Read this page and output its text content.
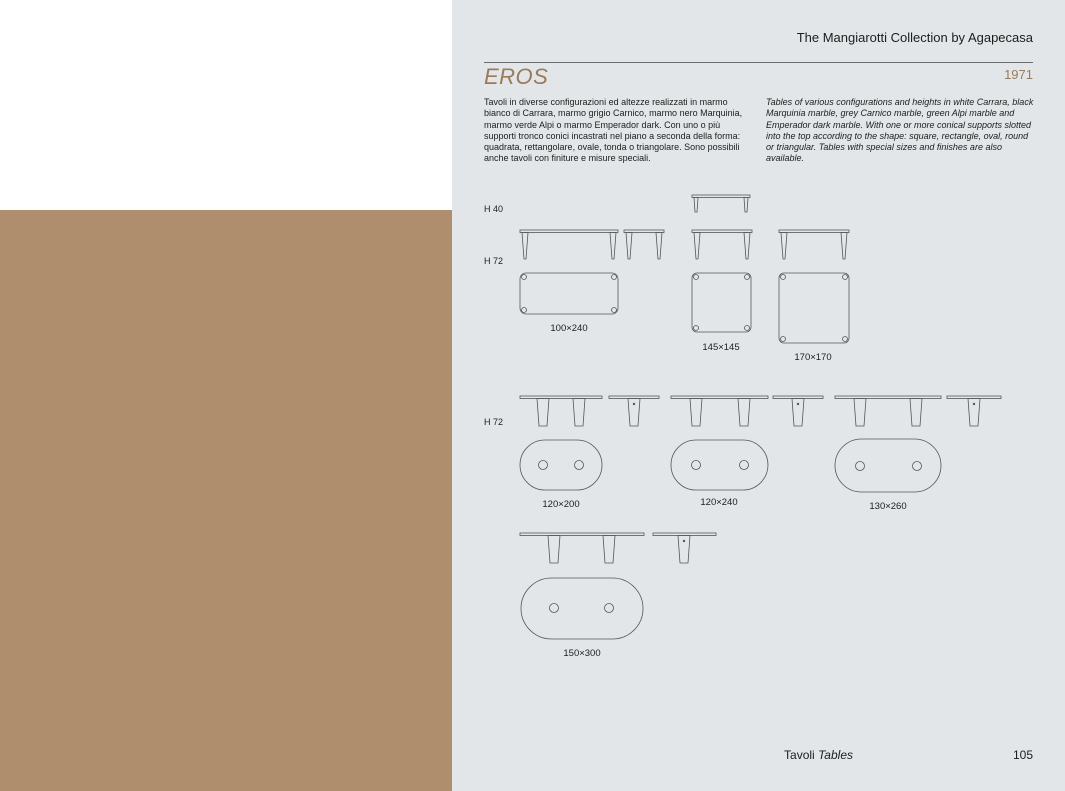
The Mangiarotti Collection by Agapecasa

EROS	1971

Tavoli in diverse configurazioni ed altezze realizzati in marmo bianco di Carrara, marmo grigio Carnico, marmo nero Marquinia, marmo verde Alpi o marmo Emperador dark. Con uno o più supporti tronco conici incastrati nel piano a seconda della forma: quadrata, rettangolare, ovale, tonda o triangolare. Sono possibili anche tavoli con finiture e misure speciali.

Tables of various configurations and heights in white Carrara, black Marquinia marble, grey Carnico marble, green Alpi marble and Emperador dark marble. With one or more conical supports slotted into the top according to the shape: square, rectangle, oval, round or triangular. Tables with special sizes and finishes are also available.

H 40

H 72

H 72

100×240

145×145

170×170

120×200	120×240	130×260

150×300

Tavoli Tables	105
